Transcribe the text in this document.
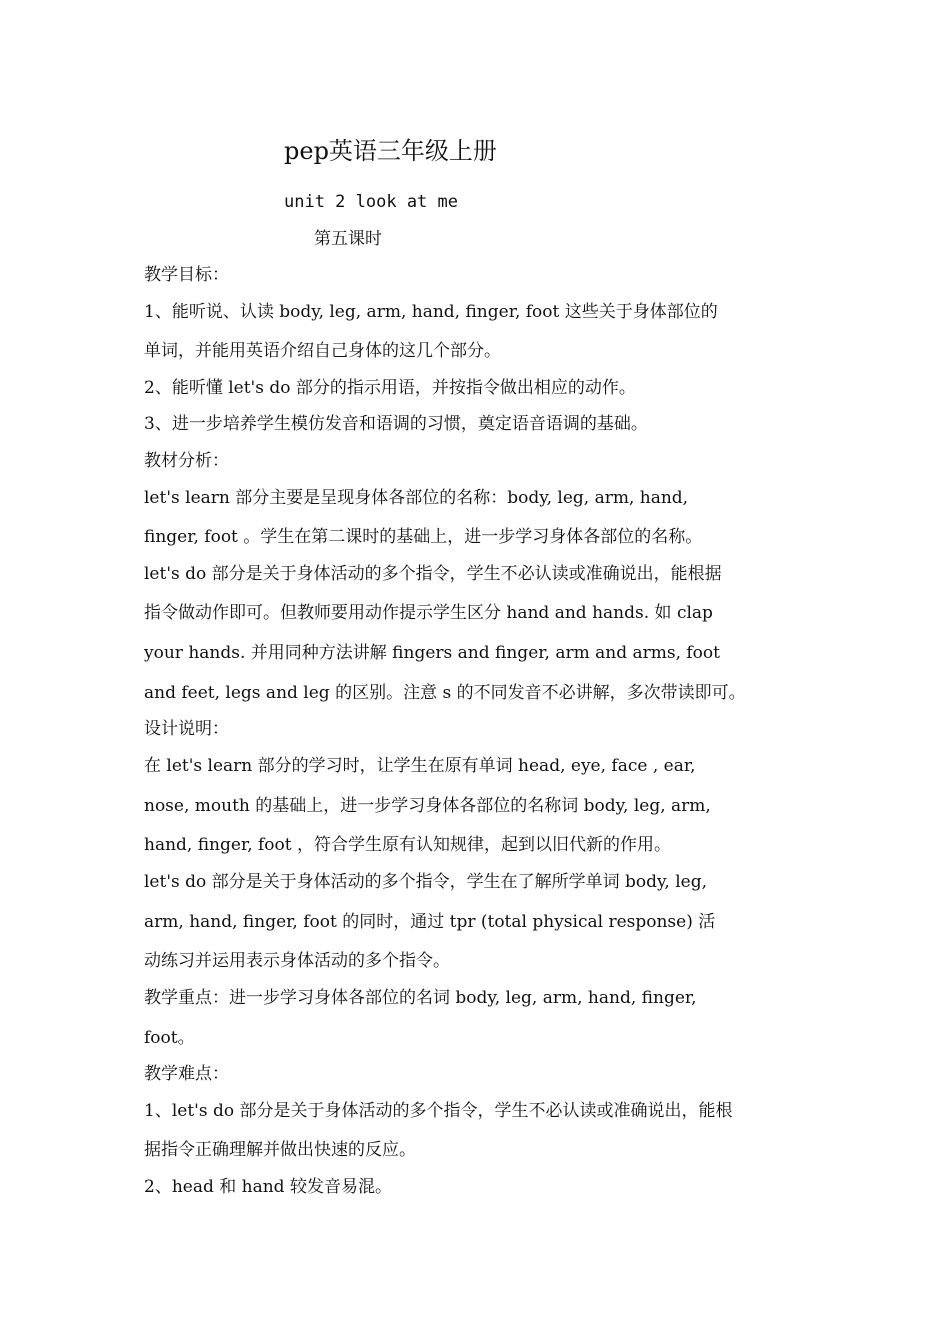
pep英语三年级上册
unit 2 look at me
第五课时
教学目标：
1、能听说、认读 body, leg, arm, hand, finger, foot 这些关于身体部位的
单词，并能用英语介绍自己身体的这几个部分。
2、能听懂 let's do 部分的指示用语，并按指令做出相应的动作。
3、进一步培养学生模仿发音和语调的习惯，奠定语音语调的基础。
教材分析：
let's learn 部分主要是呈现身体各部位的名称：body, leg, arm, hand,
finger, foot 。学生在第二课时的基础上，进一步学习身体各部位的名称。
let's do 部分是关于身体活动的多个指令，学生不必认读或准确说出，能根据
指令做动作即可。但教师要用动作提示学生区分 hand and hands. 如 clap
your hands. 并用同种方法讲解 fingers and finger, arm and arms, foot
and feet, legs and leg 的区别。注意 s 的不同发音不必讲解，多次带读即可。
设计说明：
在 let's learn 部分的学习时，让学生在原有单词 head, eye, face , ear,
nose, mouth 的基础上，进一步学习身体各部位的名称词 body, leg, arm,
hand, finger, foot ，符合学生原有认知规律，起到以旧代新的作用。
let's do 部分是关于身体活动的多个指令，学生在了解所学单词 body, leg,
arm, hand, finger, foot 的同时，通过 tpr (total physical response) 活
动练习并运用表示身体活动的多个指令。
教学重点：进一步学习身体各部位的名词 body, leg, arm, hand, finger,
foot。
教学难点：
1、let's do 部分是关于身体活动的多个指令，学生不必认读或准确说出，能根
据指令正确理解并做出快速的反应。
2、head 和 hand 较发音易混。
